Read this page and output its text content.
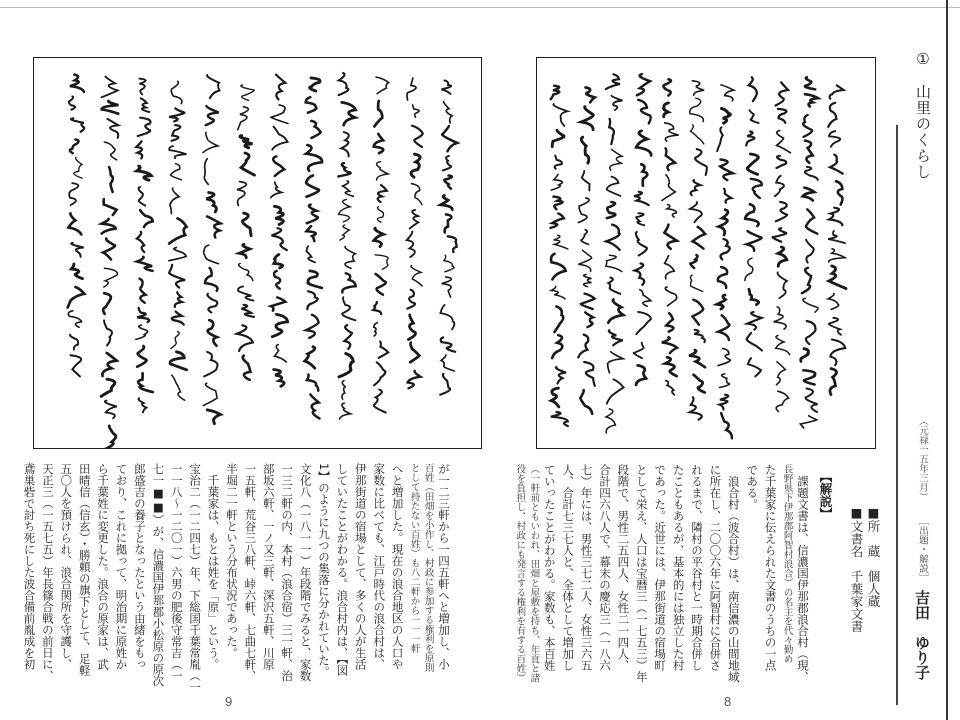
①
山里のくらし
（元禄一五年三月）
［出題・解説］
吉田　ゆり子
■所　蔵　個人蔵
■文書名　千葉家文書
【解説】
　課題文書は、信濃国伊那郡浪合村（現、
長野県下伊那郡阿智村浪合）の名主を代々勤め
た千葉家に伝えられた文書のうちの一点
である。
　浪合村（波合村）は、南信濃の山間地域
に所在し、二〇〇六年に阿智村に合併さ
れるまで、隣村の平谷村と一時期合併し
たこともあるが、基本的には独立した村
であった。近世には、伊那街道の宿場町
として栄え、人口は宝暦三（一七五三）年
段階で、男性二五四人、女性二一四人、
合計四六八人で、幕末の慶応三（一八六
七）年には、男性三七二人、女性三六五
人、合計七三七人と、全体として増加し
ていったことがわかる。家数も、本百姓
（一軒前ともいわれ、田畑と屋敷を持ち、年貢と諸
役を負担し、村政にも発言する権利を有する百姓）
8
が一二三軒から一四五軒へと増加し、小
百姓（田畑を小作し、村政に参加する権利を原則
として持たない百姓）も八二軒から一一一軒
へと増加した。現在の浪合地区の人口や
家数に比べても、江戸時代の浪合村は、
伊那街道の宿場として、多くの人が生活
していたことがわかる。浪合村内は、【図
1】のように九つの集落に分かれていた。
文化八（一八一一）年段階でみると、家数
一三二軒の内、本村（浪合宿）三一軒、治
部坂六軒、一ノ又三軒、深沢五軒、川原
一五軒、荒谷三八軒、峠六軒、七曲七軒、
半堀二一軒という分布状況であった。
　千葉家は、もとは姓を「原」という。
宝治二（一二四七）年、下総国千葉常胤（一
一一八～一二〇一）六男の肥後守常吉（一
七一■■）が、信濃国伊那郡小松原の原次
郎盛吉の養子となったという由緒をもっ
ており、これに拠って、明治期に原姓か
ら千葉姓に変更した。浪合の原家は、武
田晴信（信玄）・勝頼の旗下として、足軽
五〇人を預けられ、浪合関所を守護し、
天正三（一五七五）年長篠合戦の前日に、
鳶巣砦で討ち死にした波合備前胤成を初
9
